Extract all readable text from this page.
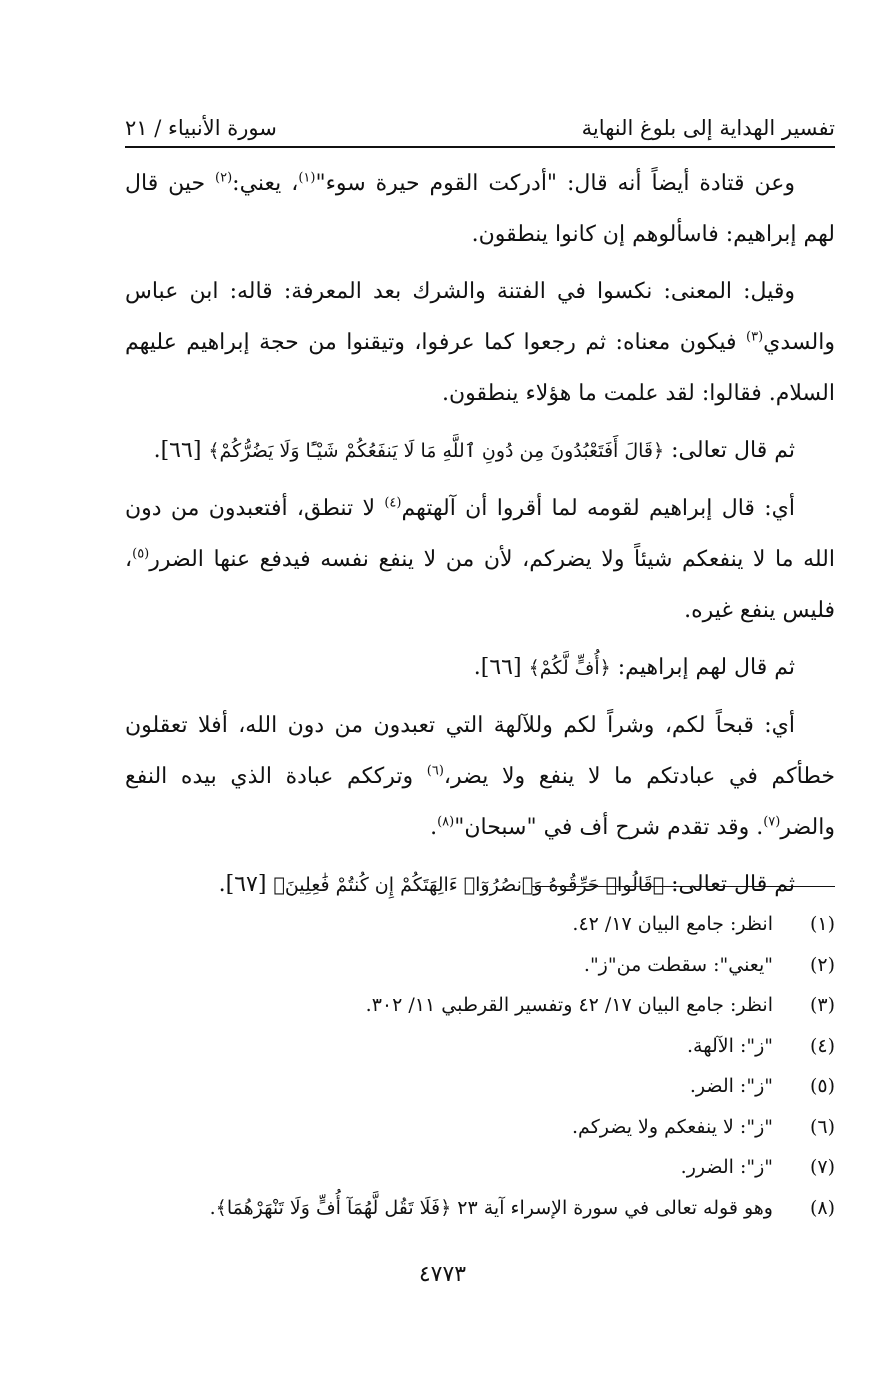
تفسير الهداية إلى بلوغ النهاية
سورة الأنبياء / ٢١

وعن قتادة أيضاً أنه قال: "أدركت القوم حيرة سوء"$^{(١)}$، يعني:$^{(٢)}$ حين قال لهم إبراهيم: فاسألوهم إن كانوا ينطقون.

وقيل: المعنى: نكسوا في الفتنة والشرك بعد المعرفة: قاله: ابن عباس والسدي$^{(٣)}$ فيكون معناه: ثم رجعوا كما عرفوا، وتيقنوا من حجة إبراهيم عليهم السلام. فقالوا: لقد علمت ما هؤلاء ينطقون.

ثم قال تعالى: ﴿قَالَ أَفَتَعْبُدُونَ مِن دُونِ ٱللَّهِ مَا لَا يَنفَعُكُمْ شَيْـًٔا وَلَا يَضُرُّكُمْ﴾ [٦٦].

أي: قال إبراهيم لقومه لما أقروا أن آلهتهم$^{(٤)}$ لا تنطق، أفتعبدون من دون الله ما لا ينفعكم شيئاً ولا يضركم، لأن من لا ينفع نفسه فيدفع عنها الضرر$^{(٥)}$، فليس ينفع غيره.

ثم قال لهم إبراهيم: ﴿أُفٍّ لَّكُمْ﴾ [٦٦].

أي: قبحاً لكم، وشراً لكم وللآلهة التي تعبدون من دون الله، أفلا تعقلون خطأكم في عبادتكم ما لا ينفع ولا يضر،$^{(٦)}$ وترككم عبادة الذي بيده النفع والضر$^{(٧)}$. وقد تقدم شرح أف في "سبحان"$^{(٨)}$.

ثم قال تعالى: ﴿قَالُوا۟ حَرِّقُوهُ وَٱنصُرُوٓا۟ ءَالِهَتَكُمْ إِن كُنتُمْ فَٰعِلِينَ﴾ [٦٧].

(١)
انظر: جامع البيان ١٧/ ٤٢.
(٢)
"يعني": سقطت من"ز".
(٣)
انظر: جامع البيان ١٧/ ٤٢ وتفسير القرطبي ١١/ ٣٠٢.
(٤)
"ز": الآلهة.
(٥)
"ز": الضر.
(٦)
"ز": لا ينفعكم ولا يضركم.
(٧)
"ز": الضرر.
(٨)
وهو قوله تعالى في سورة الإسراء آية ٢٣ ﴿فَلَا تَقُل لَّهُمَآ أُفٍّ وَلَا تَنْهَرْهُمَا﴾.
٤٧٧٣
